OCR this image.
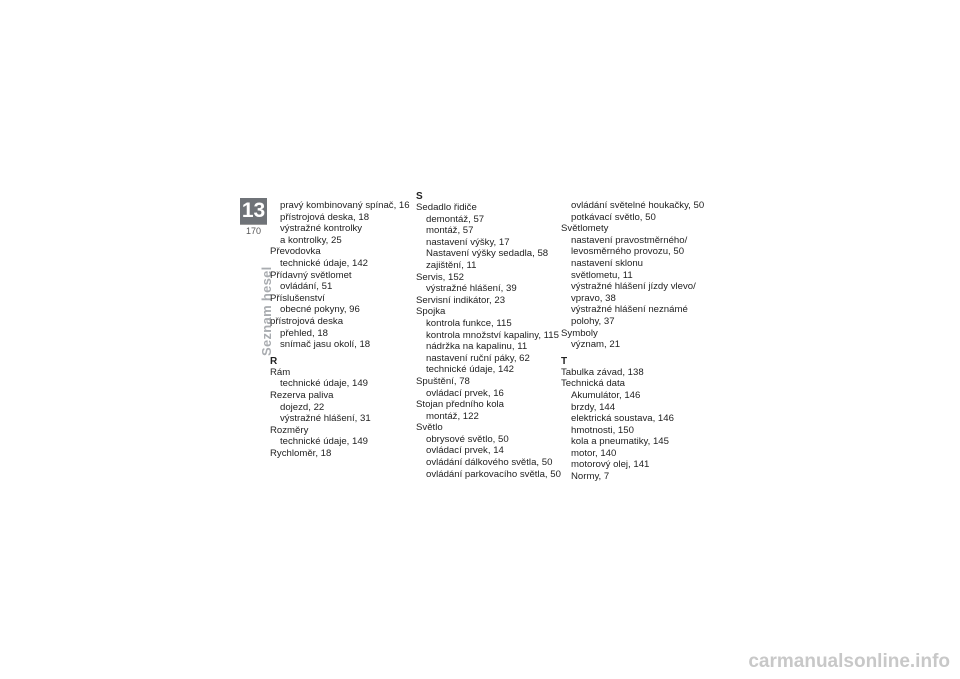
13
170
Seznam hesel

pravý kombinovaný spínač, 16

přístrojová deska, 18

výstražné kontrolky

a kontrolky, 25

Převodovka

technické údaje, 142

Přídavný světlomet

ovládání, 51

Příslušenství

obecné pokyny, 96

přístrojová deska

přehled, 18

snímač jasu okolí, 18

R

Rám

technické údaje, 149

Rezerva paliva

dojezd, 22

výstražné hlášení, 31

Rozměry

technické údaje, 149

Rychloměr, 18

S

Sedadlo řidiče

demontáž, 57

montáž, 57

nastavení výšky, 17

Nastavení výšky sedadla, 58

zajištění, 11

Servis, 152

výstražné hlášení, 39

Servisní indikátor, 23

Spojka

kontrola funkce, 115

kontrola množství kapaliny, 115

nádržka na kapalinu, 11

nastavení ruční páky, 62

technické údaje, 142

Spuštění, 78

ovládací prvek, 16

Stojan předního kola

montáž, 122

Světlo

obrysové světlo, 50

ovládací prvek, 14

ovládání dálkového světla, 50

ovládání parkovacího světla, 50

ovládání světelné houkačky, 50

potkávací světlo, 50

Světlomety

nastavení pravostměrného/

levosměrného provozu, 50

nastavení sklonu

světlometu, 11

výstražné hlášení jízdy vlevo/

vpravo, 38

výstražné hlášení neznámé

polohy, 37

Symboly

význam, 21

T

Tabulka závad, 138

Technická data

Akumulátor, 146

brzdy, 144

elektrická soustava, 146

hmotnosti, 150

kola a pneumatiky, 145

motor, 140

motorový olej, 141

Normy, 7

carmanualsonline.info
